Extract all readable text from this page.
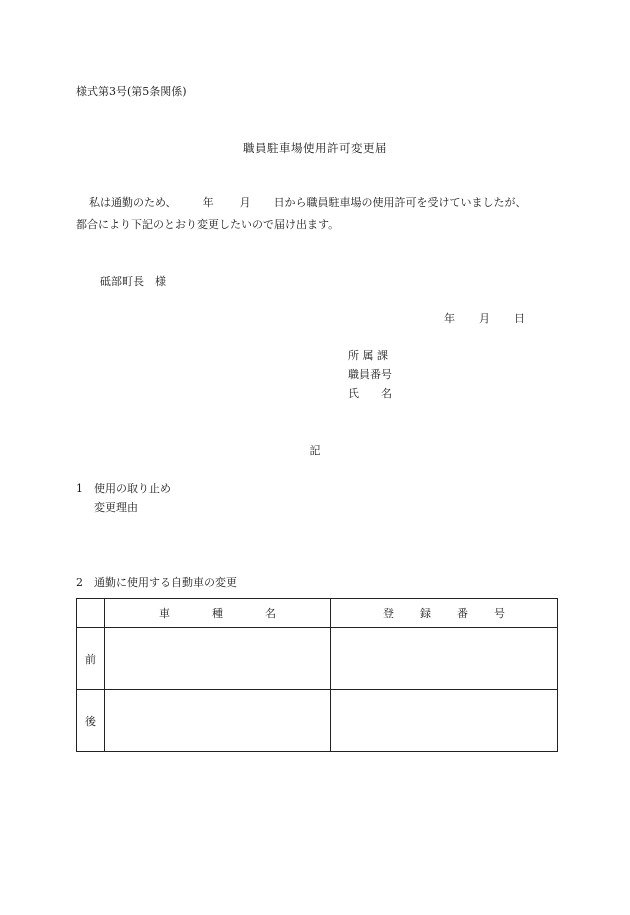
様式第3号(第5条関係)
職員駐車場使用許可変更届
私は通勤のため、 年 月 日から職員駐車場の使用許可を受けていましたが、
都合により下記のとおり変更したいので届け出ます。
砥部町長　様
年 月 日
所 属 課
職員番号
氏　　名
記
1　使用の取り止め
変更理由
2　通勤に使用する自動車の変更
	車 種 名	登 録 番 号
前		
後		
